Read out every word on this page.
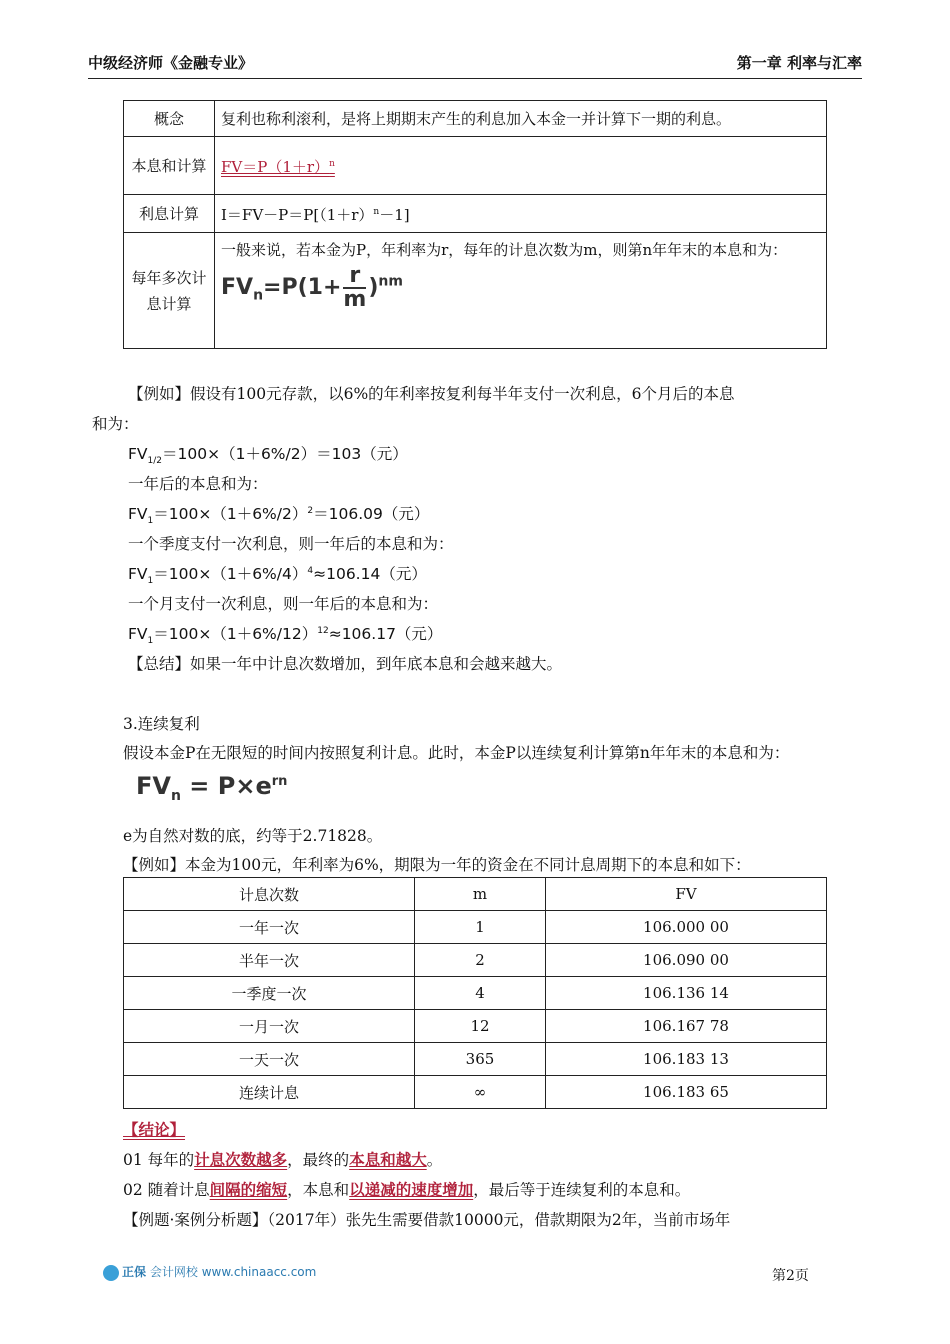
中级经济师《金融专业》	第一章 利率与汇率
概念	复利也称利滚利，是将上期期末产生的利息加入本金一并计算下一期的利息。
本息和计算	$FV=P(1+r)^n$
利息计算	$I=FV-P=P[(1+r)^n-1]$
每年多次计息计算	一般来说，若本金为P，年利率为r，每年的计息次数为m，则第n年年末的本息和为：
$FV_n=P(1+ \frac{r}{m} )^{nm}$
【例如】假设有100元存款，以6%的年利率按复利每半年支付一次利息，6个月后的本息
和为：
$FV_{1/2}=100\times(1+6\%/2)=103$（元）
一年后的本息和为：
$FV_1=100\times(1+6\%/2)^2=106.09$（元）
一个季度支付一次利息，则一年后的本息和为：
$FV_1=100\times(1+6\%/4)^4\approx 106.14$（元）
一个月支付一次利息，则一年后的本息和为：
$FV_1=100\times(1+6\%/12)^{12}\approx 106.17$（元）
【总结】如果一年中计息次数增加，到年底本息和会越来越大。
3.连续复利
假设本金P在无限短的时间内按照复利计息。此时，本金P以连续复利计算第n年年末的本息和为：
$FV_n = P\times e^{rn}$
e为自然对数的底，约等于2.71828。
【例如】本金为100元，年利率为6%，期限为一年的资金在不同计息周期下的本息和如下：
计息次数	m	FV
一年一次	1	106.000 00
半年一次	2	106.090 00
一季度一次	4	106.136 14
一月一次	12	106.167 78
一天一次	365	106.183 13
连续计息	∞	106.183 65
【结论】
01 每年的计息次数越多，最终的本息和越大。
02 随着计息间隔的缩短，本息和以递减的速度增加，最后等于连续复利的本息和。
【例题·案例分析题】（2017年）张先生需要借款10000元，借款期限为2年，当前市场年
正保 会计网校 www.chinaacc.com	第2页
